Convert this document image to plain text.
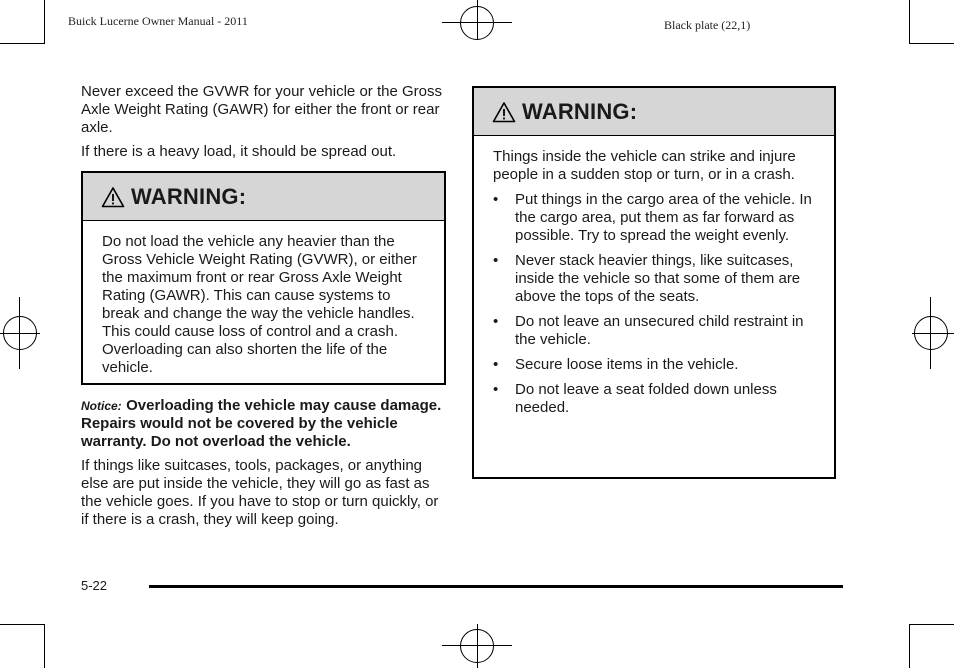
Buick Lucerne Owner Manual - 2011	Black plate (22,1)

Never exceed the GVWR for your vehicle or the Gross Axle Weight Rating (GAWR) for either the front or rear axle.

If there is a heavy load, it should be spread out.

WARNING:

Do not load the vehicle any heavier than the Gross Vehicle Weight Rating (GVWR), or either the maximum front or rear Gross Axle Weight Rating (GAWR). This can cause systems to break and change the way the vehicle handles. This could cause loss of control and a crash. Overloading can also shorten the life of the vehicle.

Notice: Overloading the vehicle may cause damage. Repairs would not be covered by the vehicle warranty. Do not overload the vehicle.

If things like suitcases, tools, packages, or anything else are put inside the vehicle, they will go as fast as the vehicle goes. If you have to stop or turn quickly, or if there is a crash, they will keep going.

WARNING:

Things inside the vehicle can strike and injure people in a sudden stop or turn, or in a crash.

• Put things in the cargo area of the vehicle. In the cargo area, put them as far forward as possible. Try to spread the weight evenly.
• Never stack heavier things, like suitcases, inside the vehicle so that some of them are above the tops of the seats.
• Do not leave an unsecured child restraint in the vehicle.
• Secure loose items in the vehicle.
• Do not leave a seat folded down unless needed.
5-22
